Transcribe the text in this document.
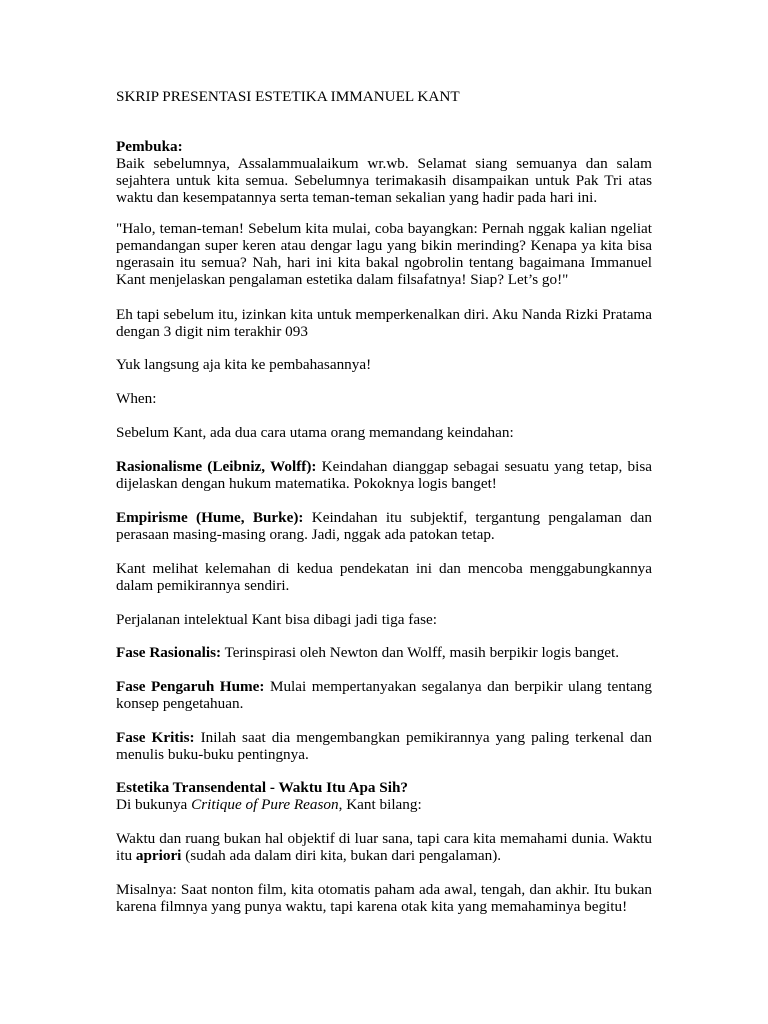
SKRIP PRESENTASI ESTETIKA IMMANUEL KANT
Pembuka:
Baik sebelumnya, Assalammualaikum wr.wb. Selamat siang semuanya dan salam sejahtera untuk kita semua. Sebelumnya terimakasih disampaikan untuk Pak Tri atas waktu dan kesempatannya serta teman-teman sekalian yang hadir pada hari ini.

"Halo, teman-teman! Sebelum kita mulai, coba bayangkan: Pernah nggak kalian ngeliat pemandangan super keren atau dengar lagu yang bikin merinding? Kenapa ya kita bisa ngerasain itu semua? Nah, hari ini kita bakal ngobrolin tentang bagaimana Immanuel Kant menjelaskan pengalaman estetika dalam filsafatnya! Siap? Let’s go!"

Eh tapi sebelum itu, izinkan kita untuk memperkenalkan diri. Aku Nanda Rizki Pratama dengan 3 digit nim terakhir 093

Yuk langsung aja kita ke pembahasannya!

When:

Sebelum Kant, ada dua cara utama orang memandang keindahan:

Rasionalisme (Leibniz, Wolff): Keindahan dianggap sebagai sesuatu yang tetap, bisa dijelaskan dengan hukum matematika. Pokoknya logis banget!

Empirisme (Hume, Burke): Keindahan itu subjektif, tergantung pengalaman dan perasaan masing-masing orang. Jadi, nggak ada patokan tetap.

Kant melihat kelemahan di kedua pendekatan ini dan mencoba menggabungkannya dalam pemikirannya sendiri.

Perjalanan intelektual Kant bisa dibagi jadi tiga fase:

Fase Rasionalis: Terinspirasi oleh Newton dan Wolff, masih berpikir logis banget.

Fase Pengaruh Hume: Mulai mempertanyakan segalanya dan berpikir ulang tentang konsep pengetahuan.

Fase Kritis: Inilah saat dia mengembangkan pemikirannya yang paling terkenal dan menulis buku-buku pentingnya.

Estetika Transendental - Waktu Itu Apa Sih?
Di bukunya Critique of Pure Reason, Kant bilang:

Waktu dan ruang bukan hal objektif di luar sana, tapi cara kita memahami dunia. Waktu itu apriori (sudah ada dalam diri kita, bukan dari pengalaman).

Misalnya: Saat nonton film, kita otomatis paham ada awal, tengah, dan akhir. Itu bukan karena filmnya yang punya waktu, tapi karena otak kita yang memahaminya begitu!
